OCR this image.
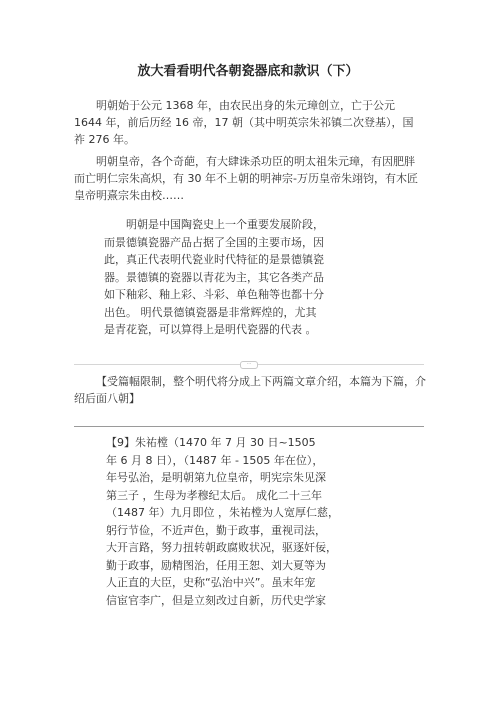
放大看看明代各朝瓷器底和款识（下）
明朝始于公元 1368 年，由农民出身的朱元璋创立，亡于公元 1644 年，前后历经 16 帝，17 朝（其中明英宗朱祁镇二次登基），国祚 276 年。
明朝皇帝，各个奇葩，有大肆诛杀功臣的明太祖朱元璋，有因肥胖而亡明仁宗朱高炽，有 30 年不上朝的明神宗-万历皇帝朱翊钧，有木匠皇帝明熹宗朱由校……
明朝是中国陶瓷史上一个重要发展阶段，
而景德镇瓷器产品占据了全国的主要市场，因
此，真正代表明代瓷业时代特征的是景德镇瓷
器。景德镇的瓷器以青花为主，其它各类产品
如下釉彩、釉上彩、斗彩、单色釉等也都十分
出色。 明代景德镇瓷器是非常辉煌的，尤其
是青花瓷，可以算得上是明代瓷器的代表 。
···
【受篇幅限制，整个明代将分成上下两篇文章介绍，本篇为下篇，介绍后面八朝】
【9】朱祐樘（1470 年 7 月 30 日~1505
年 6 月 8 日），（1487 年 - 1505 年在位），
年号弘治，是明朝第九位皇帝，明宪宗朱见深
第三子 ，生母为孝穆纪太后。 成化二十三年
（1487 年）九月即位 ，朱祐樘为人宽厚仁慈，
躬行节俭，不近声色，勤于政事，重视司法，
大开言路，努力扭转朝政腐败状况，驱逐奸佞，
勤于政事，励精图治，任用王恕、刘大夏等为
人正直的大臣，史称“弘治中兴”。虽末年宠
信宦官李广，但是立刻改过自新，历代史学家
